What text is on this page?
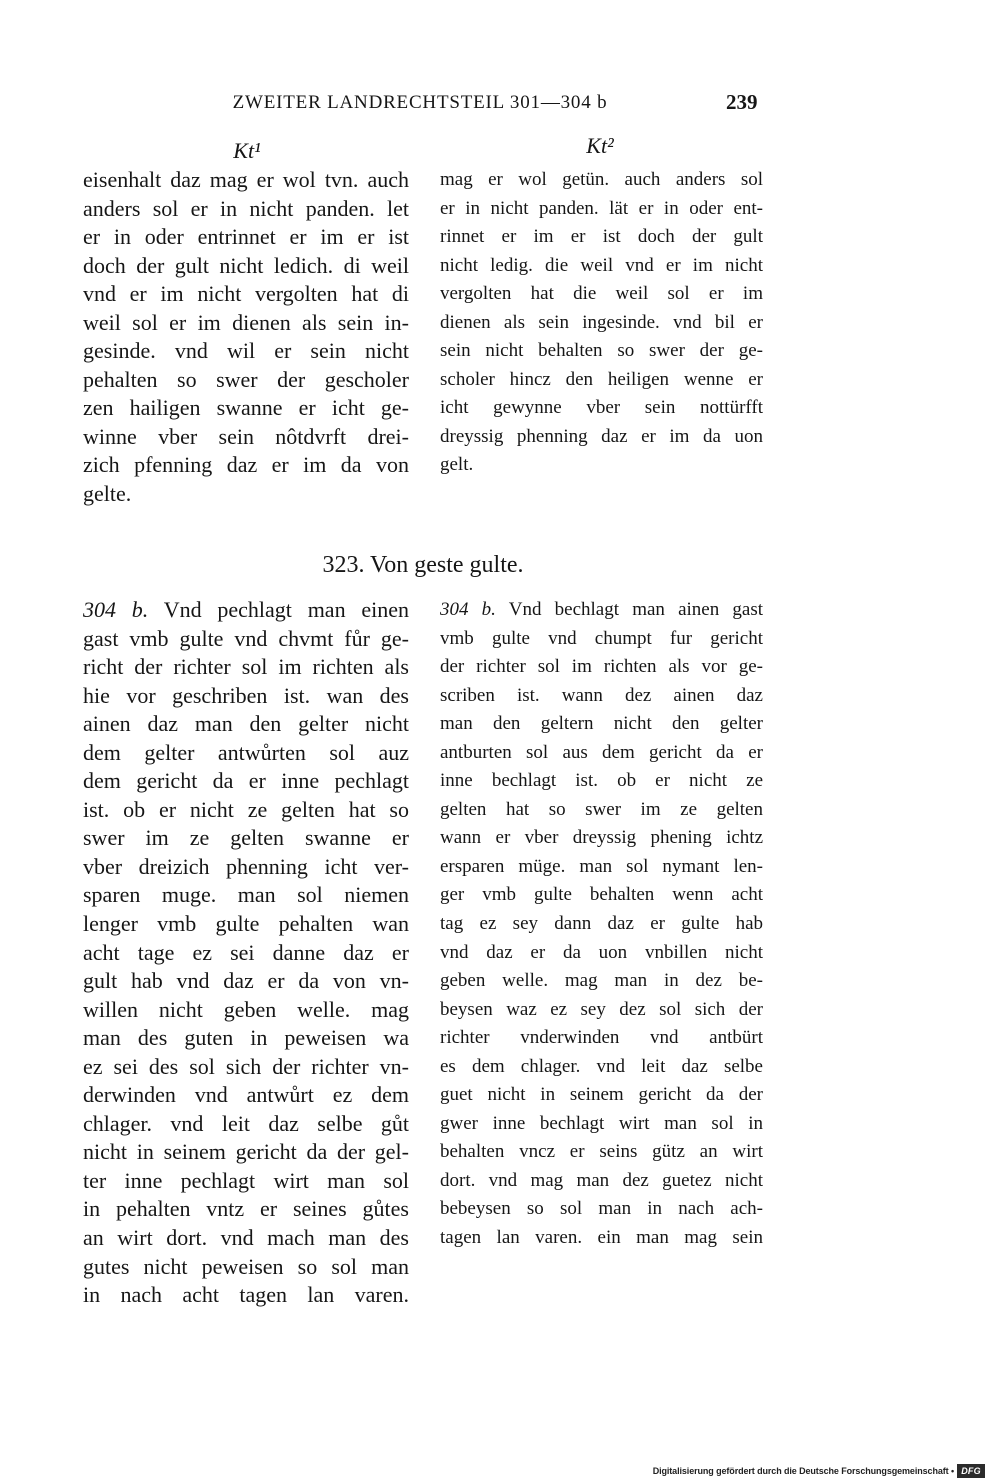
ZWEITER LANDRECHTSTEIL 301—304 b	239
Kt¹	Kt²
eisenhalt daz mag er wol tvn. auch
anders sol er in nicht panden. let
er in oder entrinnet er im er ist
doch der gult nicht ledich. di weil
vnd er im nicht vergolten hat di
weil sol er im dienen als sein in-
gesinde. vnd wil er sein nicht
pehalten so swer der gescholer
zen hailigen swanne er icht ge-
winne vber sein nôtdvrft drei-
zich pfenning daz er im da von
gelte.
mag er wol getün. auch anders sol
er in nicht panden. lät er in oder ent-
rinnet er im er ist doch der gult
nicht ledig. die weil vnd er im nicht
vergolten hat die weil sol er im
dienen als sein ingesinde. vnd bil er
sein nicht behalten so swer der ge-
scholer hincz den heiligen wenne er
icht gewynne vber sein nottürfft
dreyssig phenning daz er im da uon
gelt.
323. Von geste gulte.
304 b. Vnd pechlagt man einen
gast vmb gulte vnd chvmt fůr ge-
richt der richter sol im richten als
hie vor geschriben ist. wan des
ainen daz man den gelter nicht
dem gelter antwůrten sol auz
dem gericht da er inne pechlagt
ist. ob er nicht ze gelten hat so
swer im ze gelten swanne er
vber dreizich phenning icht ver-
sparen muge. man sol niemen
lenger vmb gulte pehalten wan
acht tage ez sei danne daz er
gult hab vnd daz er da von vn-
willen nicht geben welle. mag
man des guten in peweisen wa
ez sei des sol sich der richter vn-
derwinden vnd antwůrt ez dem
chlager. vnd leit daz selbe gůt
nicht in seinem gericht da der gel-
ter inne pechlagt wirt man sol
in pehalten vntz er seines gůtes
an wirt dort. vnd mach man des
gutes nicht peweisen so sol man
in nach acht tagen lan varen.
304 b. Vnd bechlagt man ainen gast
vmb gulte vnd chumpt fur gericht
der richter sol im richten als vor ge-
scriben ist. wann dez ainen daz
man den geltern nicht den gelter
antburten sol aus dem gericht da er
inne bechlagt ist. ob er nicht ze
gelten hat so swer im ze gelten
wann er vber dreyssig phening ichtz
ersparen müge. man sol nymant len-
ger vmb gulte behalten wenn acht
tag ez sey dann daz er gulte hab
vnd daz er da uon vnbillen nicht
geben welle. mag man in dez be-
beysen waz ez sey dez sol sich der
richter vnderwinden vnd antbürt
es dem chlager. vnd leit daz selbe
guet nicht in seinem gericht da der
gwer inne bechlagt wirt man sol in
behalten vncz er seins gütz an wirt
dort. vnd mag man dez guetez nicht
bebeysen so sol man in nach ach-
tagen lan varen. ein man mag sein
Digitalisierung gefördert durch die Deutsche Forschungsgemeinschaft • DFG
